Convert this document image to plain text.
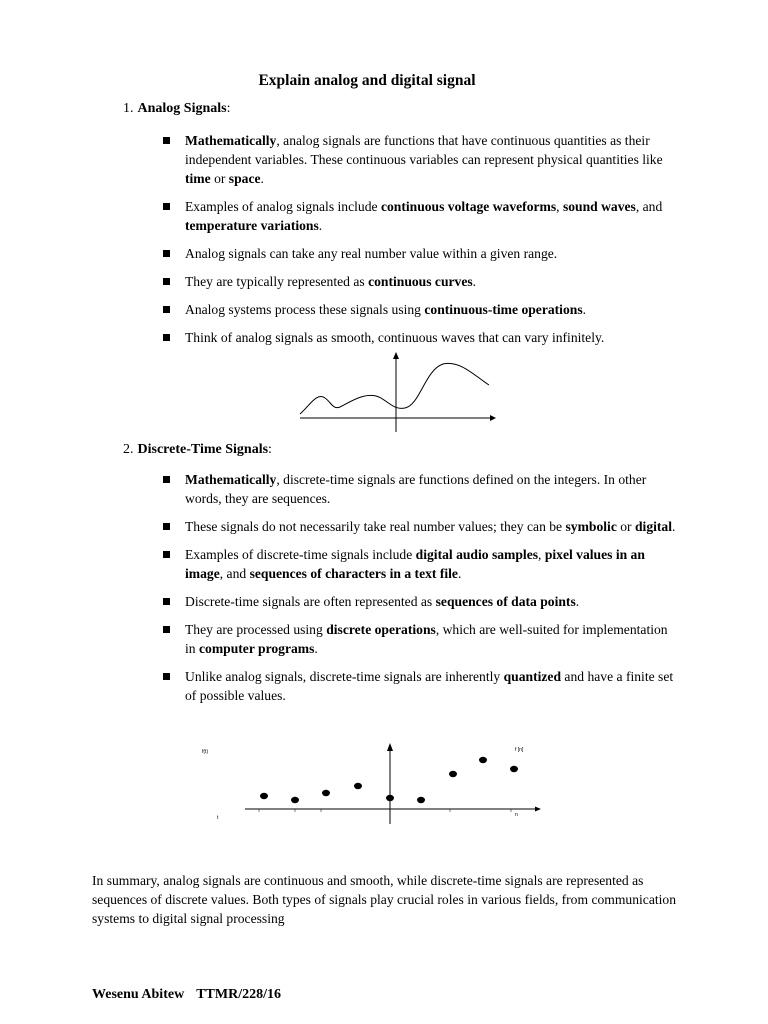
Explain analog and digital signal
1. Analog Signals:
Mathematically, analog signals are functions that have continuous quantities as their independent variables. These continuous variables can represent physical quantities like time or space.
Examples of analog signals include continuous voltage waveforms, sound waves, and temperature variations.
Analog signals can take any real number value within a given range.
They are typically represented as continuous curves.
Analog systems process these signals using continuous-time operations.
Think of analog signals as smooth, continuous waves that can vary infinitely.
2. Discrete-Time Signals:
Mathematically, discrete-time signals are functions defined on the integers. In other words, they are sequences.
These signals do not necessarily take real number values; they can be symbolic or digital.
Examples of discrete-time signals include digital audio samples, pixel values in an image, and sequences of characters in a text file.
Discrete-time signals are often represented as sequences of data points.
They are processed using discrete operations, which are well-suited for implementation in computer programs.
Unlike analog signals, discrete-time signals are inherently quantized and have a finite set of possible values.
f(t)	f [n]
t	n
In summary, analog signals are continuous and smooth, while discrete-time signals are represented as sequences of discrete values. Both types of signals play crucial roles in various fields, from communication systems to digital signal processing
Wesenu Abitew TTMR/228/16
